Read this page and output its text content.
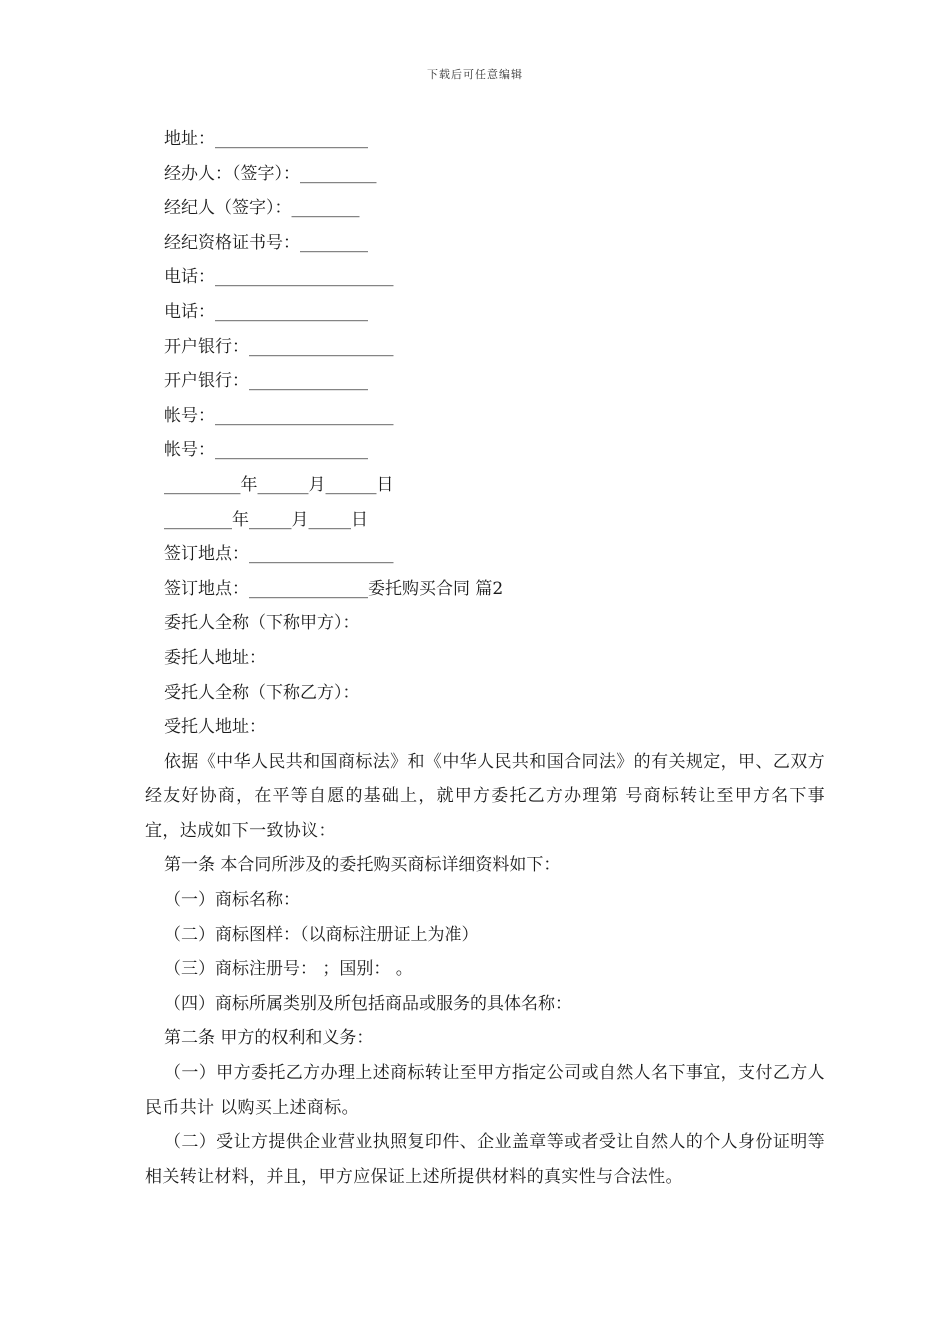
下载后可任意编辑
地址：__________________
经办人：（签字）：_________
经纪人（签字）：________
经纪资格证书号：________
电话：_____________________
电话：__________________
开户银行：_________________
开户银行：______________
帐号：_____________________
帐号：__________________
_________年______月______日
________年_____月_____日
签订地点：_________________
签订地点：______________委托购买合同 篇2
委托人全称（下称甲方）：
委托人地址：
受托人全称（下称乙方）：
受托人地址：
依据《中华人民共和国商标法》和《中华人民共和国合同法》的有关规定，甲、乙双方经友好协商，在平等自愿的基础上，就甲方委托乙方办理第 号商标转让至甲方名下事宜，达成如下一致协议：
第一条 本合同所涉及的委托购买商标详细资料如下：
（一）商标名称：
（二）商标图样：（以商标注册证上为准）
（三）商标注册号： ；国别： 。
（四）商标所属类别及所包括商品或服务的具体名称：
第二条 甲方的权利和义务：
（一）甲方委托乙方办理上述商标转让至甲方指定公司或自然人名下事宜，支付乙方人民币共计 以购买上述商标。
（二）受让方提供企业营业执照复印件、企业盖章等或者受让自然人的个人身份证明等相关转让材料，并且，甲方应保证上述所提供材料的真实性与合法性。
